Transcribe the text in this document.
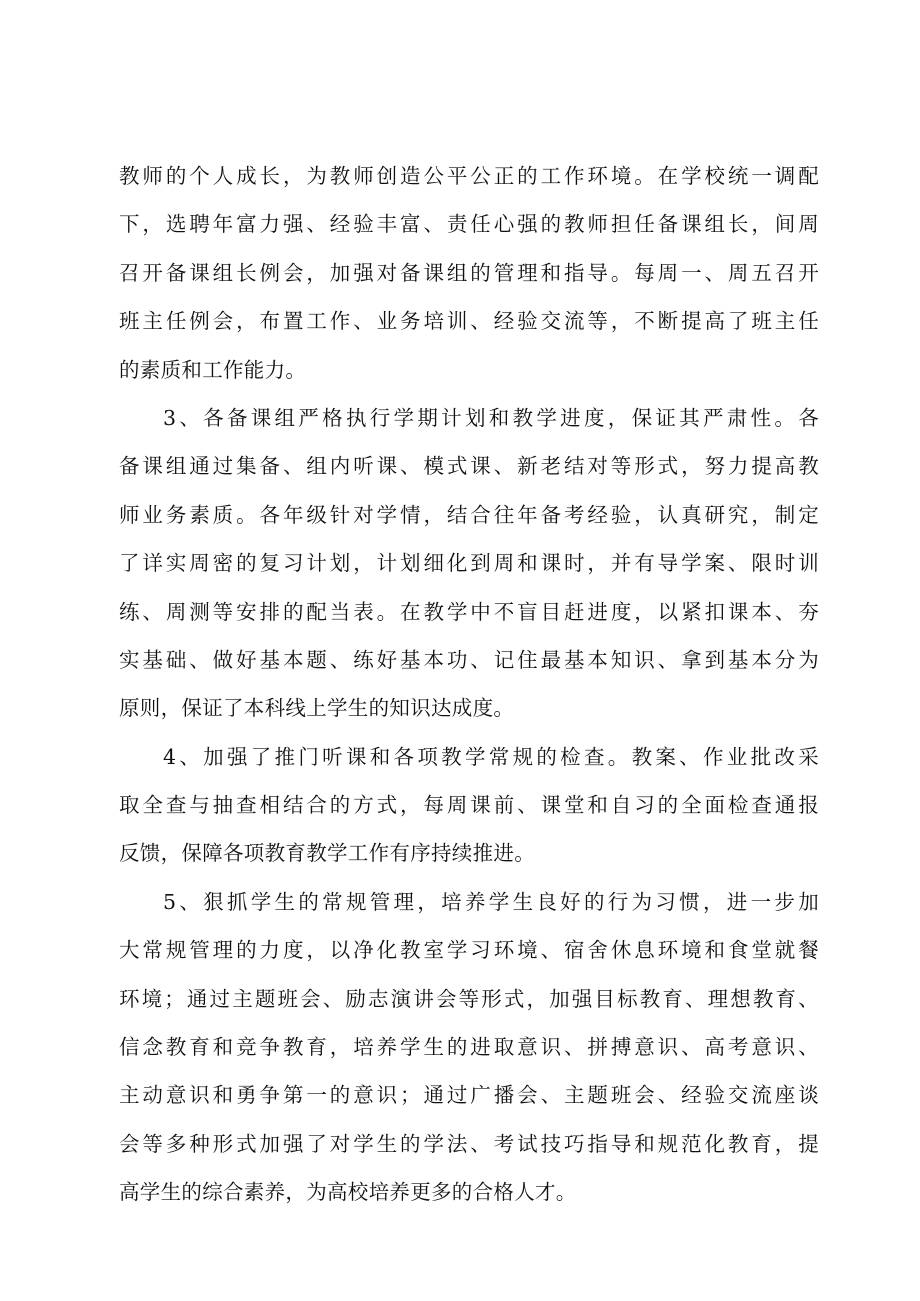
教师的个人成长，为教师创造公平公正的工作环境。在学校统一调配
下，选聘年富力强、经验丰富、责任心强的教师担任备课组长，间周
召开备课组长例会，加强对备课组的管理和指导。每周一、周五召开
班主任例会，布置工作、业务培训、经验交流等，不断提高了班主任
的素质和工作能力。
3、各备课组严格执行学期计划和教学进度，保证其严肃性。各
备课组通过集备、组内听课、模式课、新老结对等形式，努力提高教
师业务素质。各年级针对学情，结合往年备考经验，认真研究，制定
了详实周密的复习计划，计划细化到周和课时，并有导学案、限时训
练、周测等安排的配当表。在教学中不盲目赶进度，以紧扣课本、夯
实基础、做好基本题、练好基本功、记住最基本知识、拿到基本分为
原则，保证了本科线上学生的知识达成度。
4、加强了推门听课和各项教学常规的检查。教案、作业批改采
取全查与抽查相结合的方式，每周课前、课堂和自习的全面检查通报
反馈，保障各项教育教学工作有序持续推进。
5、狠抓学生的常规管理，培养学生良好的行为习惯，进一步加
大常规管理的力度，以净化教室学习环境、宿舍休息环境和食堂就餐
环境；通过主题班会、励志演讲会等形式，加强目标教育、理想教育、
信念教育和竞争教育，培养学生的进取意识、拼搏意识、高考意识、
主动意识和勇争第一的意识；通过广播会、主题班会、经验交流座谈
会等多种形式加强了对学生的学法、考试技巧指导和规范化教育，提
高学生的综合素养，为高校培养更多的合格人才。
